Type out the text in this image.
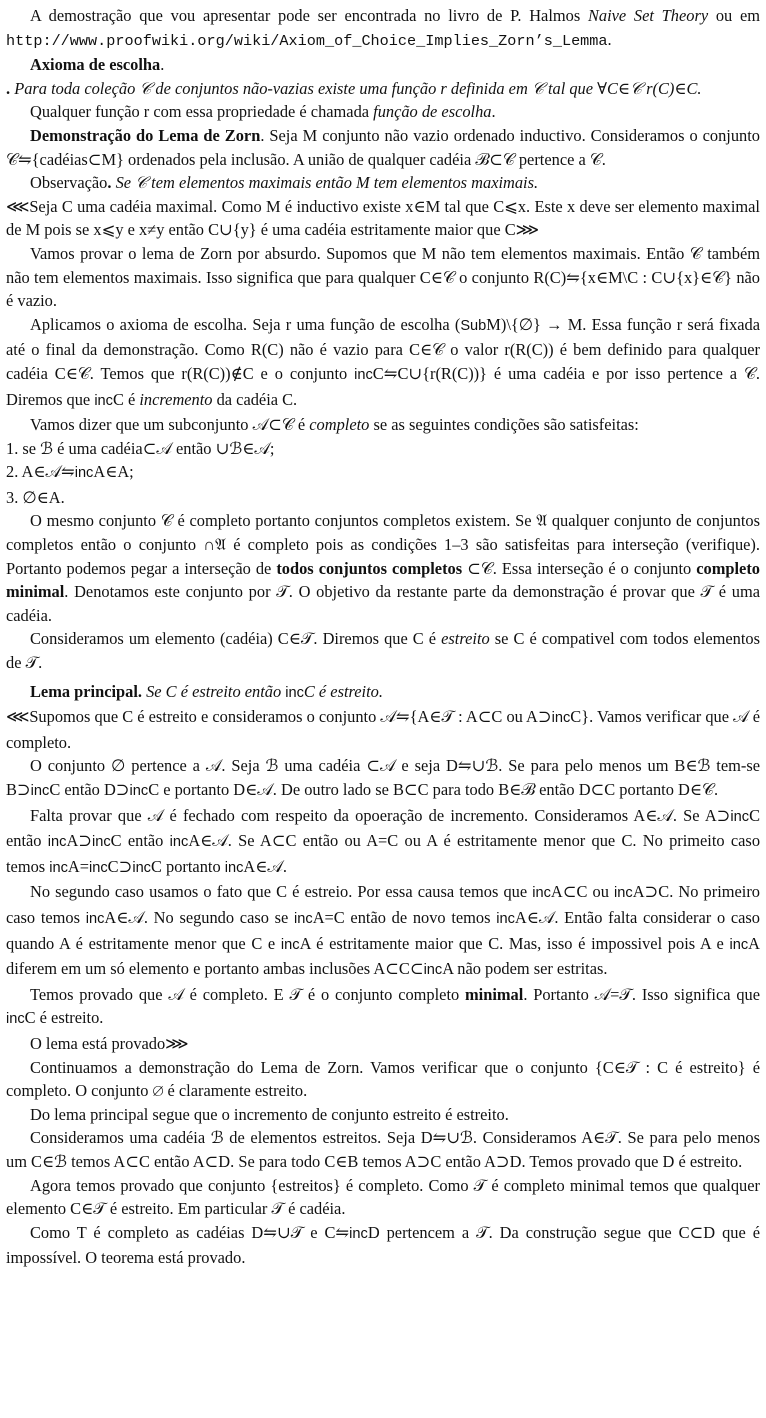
A demostração que vou apresentar pode ser encontrada no livro de P. Halmos Naive Set Theory ou em http://www.proofwiki.org/wiki/Axiom_of_Choice_Implies_Zorn’s_Lemma.

Axioma de escolha.

. Para toda coleção 𝒞 de conjuntos não-vazias existe uma função r definida em 𝒞 tal que ∀C∈𝒞 r(C)∈C.

Qualquer função r com essa propriedade é chamada função de escolha.

Demonstração do Lema de Zorn. Seja M conjunto não vazio ordenado inductivo. Consideramos o conjunto 𝒞⇋{cadéias⊂M} ordenados pela inclusão. A união de qualquer cadéia ℬ⊂𝒞 pertence a 𝒞.

Observação. Se 𝒞 tem elementos maximais então M tem elementos maximais.

⋘Seja C uma cadéia maximal. Como M é inductivo existe x∈M tal que C⩽x. Este x deve ser elemento maximal de M pois se x⩽y e x≠y então C∪{y} é uma cadéia estritamente maior que C⋙

Vamos provar o lema de Zorn por absurdo. Supomos que M não tem elementos maximais. Então 𝒞 também não tem elementos maximais. Isso significa que para qualquer C∈𝒞 o conjunto R(C)⇋{x∈M\C : C∪{x}∈𝒞} não é vazio.

Aplicamos o axioma de escolha. Seja r uma função de escolha (SubM)\{∅} → M. Essa função r será fixada até o final da demonstração. Como R(C) não é vazio para C∈𝒞 o valor r(R(C)) é bem definido para qualquer cadéia C∈𝒞. Temos que r(R(C))∉C e o conjunto incC⇋C∪{r(R(C))} é uma cadéia e por isso pertence a 𝒞. Diremos que incC é incremento da cadéia C.

Vamos dizer que um subconjunto 𝒜⊂𝒞 é completo se as seguintes condições são satisfeitas:

1. se ℬ é uma cadéia⊂𝒜 então ∪ℬ∈𝒜;

2. A∈𝒜⇋incA∈A;

3. ∅∈A.

O mesmo conjunto 𝒞 é completo portanto conjuntos completos existem. Se 𝔄 qualquer conjunto de conjuntos completos então o conjunto ∩𝔄 é completo pois as condições 1–3 são satisfeitas para interseção (verifique). Portanto podemos pegar a interseção de todos conjuntos completos ⊂𝒞. Essa interseção é o conjunto completo minimal. Denotamos este conjunto por 𝒯. O objetivo da restante parte da demonstração é provar que 𝒯 é uma cadéia.

Consideramos um elemento (cadéia) C∈𝒯. Diremos que C é estreito se C é compativel com todos elementos de 𝒯.

Lema principal. Se C é estreito então incC é estreito.

⋘Supomos que C é estreito e consideramos o conjunto 𝒜⇋{A∈𝒯 : A⊂C ou A⊃incC}. Vamos verificar que 𝒜 é completo.

O conjunto ∅ pertence a 𝒜. Seja ℬ uma cadéia ⊂𝒜 e seja D⇋∪ℬ. Se para pelo menos um B∈ℬ tem-se B⊃incC então D⊃incC e portanto D∈𝒜. De outro lado se B⊂C para todo B∈ℬ então D⊂C portanto D∈𝒞.

Falta provar que 𝒜 é fechado com respeito da opoeração de incremento. Consideramos A∈𝒜. Se A⊃incC então incA⊃incC então incA∈𝒜. Se A⊂C então ou A=C ou A é estritamente menor que C. No primeito caso temos incA=incC⊃incC portanto incA∈𝒜.

No segundo caso usamos o fato que C é estreio. Por essa causa temos que incA⊂C ou incA⊃C. No primeiro caso temos incA∈𝒜. No segundo caso se incA=C então de novo temos incA∈𝒜. Então falta considerar o caso quando A é estritamente menor que C e incA é estritamente maior que C. Mas, isso é impossivel pois A e incA diferem em um só elemento e portanto ambas inclusões A⊂C⊂incA não podem ser estritas.

Temos provado que 𝒜 é completo. E 𝒯 é o conjunto completo minimal. Portanto 𝒜=𝒯. Isso significa que incC é estreito.

O lema está provado⋙

Continuamos a demonstração do Lema de Zorn. Vamos verificar que o conjunto {C∈𝒯 : C é estreito} é completo. O conjunto ∅ é claramente estreito.

Do lema principal segue que o incremento de conjunto estreito é estreito.

Consideramos uma cadéia ℬ de elementos estreitos. Seja D⇋∪ℬ. Consideramos A∈𝒯. Se para pelo menos um C∈ℬ temos A⊂C então A⊂D. Se para todo C∈B temos A⊃C então A⊃D. Temos provado que D é estreito.

Agora temos provado que conjunto {estreitos} é completo. Como 𝒯 é completo minimal temos que qualquer elemento C∈𝒯 é estreito. Em particular 𝒯 é cadéia.

Como T é completo as cadéias D⇋∪𝒯 e C⇋incD pertencem a 𝒯. Da construção segue que C⊂D que é impossível. O teorema está provado.
